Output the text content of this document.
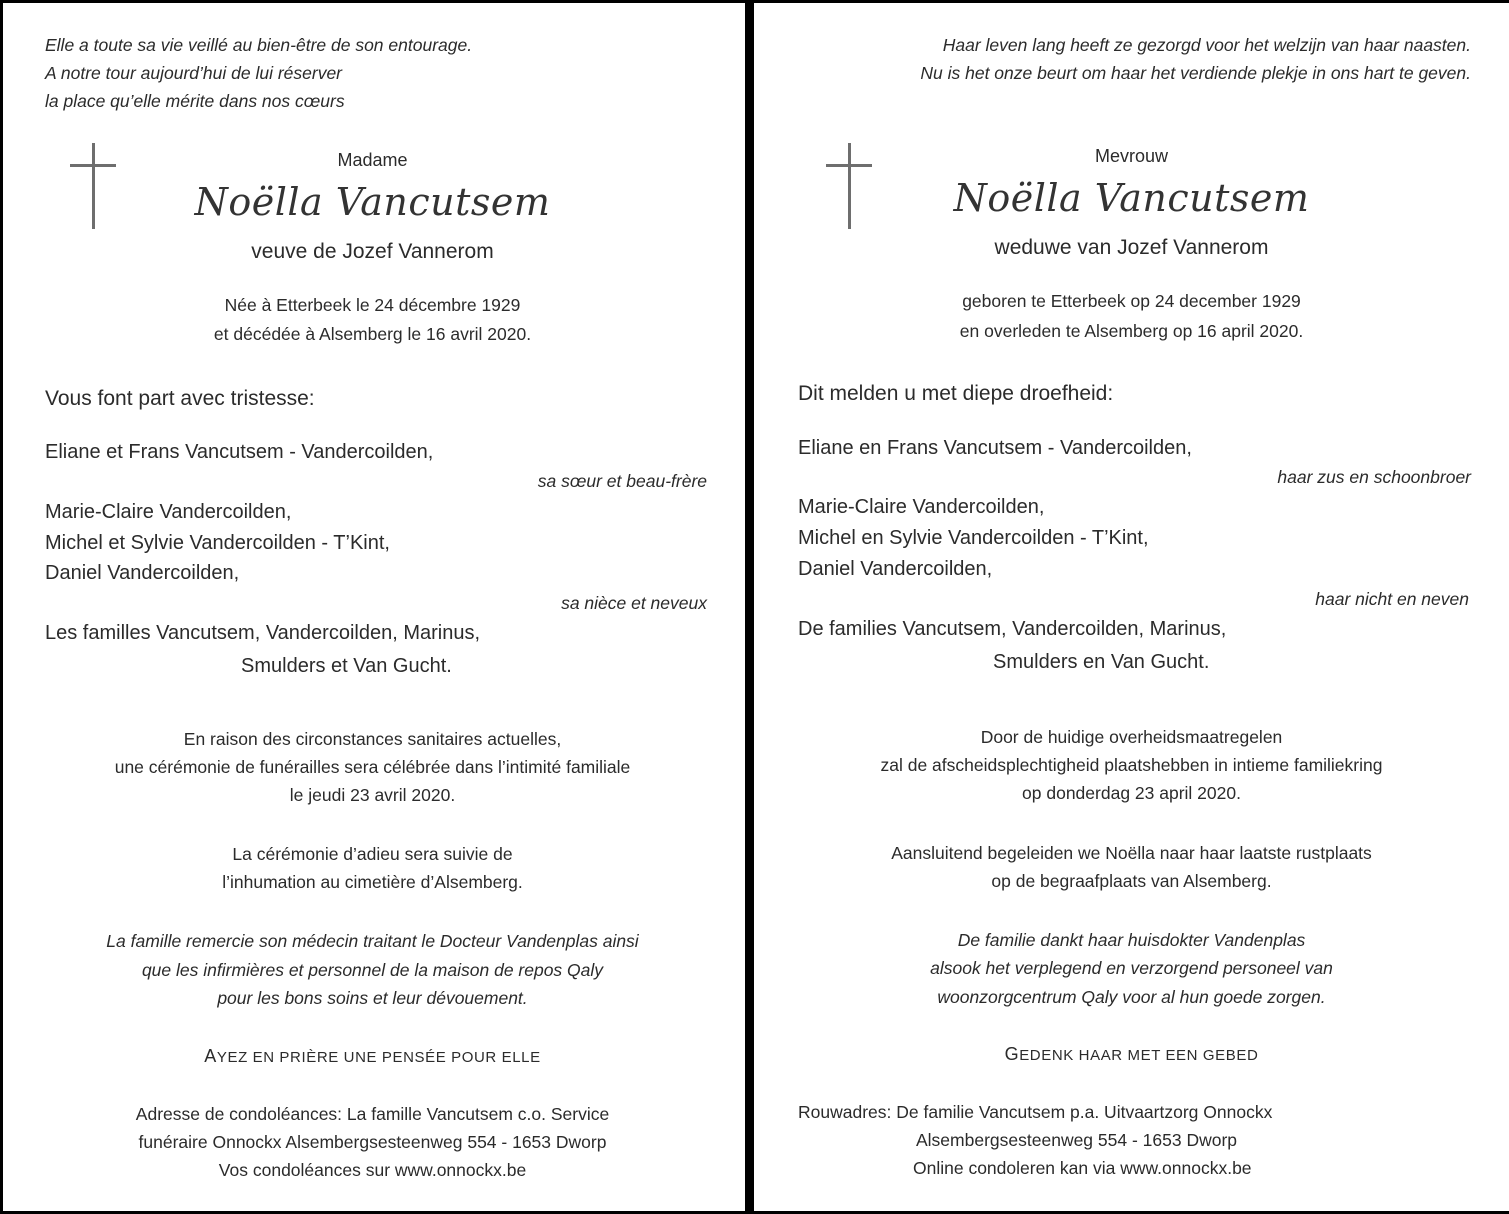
Elle a toute sa vie veillé au bien-être de son entourage.
A notre tour aujourd’hui de lui réserver
la place qu’elle mérite dans nos cœurs
Madame
Noëlla Vancutsem
veuve de Jozef Vannerom
Née à Etterbeek le 24 décembre 1929
et décédée à Alsemberg le 16 avril 2020.
Vous font part avec tristesse:
Eliane et Frans Vancutsem - Vandercoilden,
sa sœur et beau-frère
Marie-Claire Vandercoilden,
Michel et Sylvie Vandercoilden - T’Kint,
Daniel Vandercoilden,
sa nièce et neveux
Les familles Vancutsem, Vandercoilden, Marinus,
Smulders et Van Gucht.
En raison des circonstances sanitaires actuelles,
une cérémonie de funérailles sera célébrée dans l’intimité familiale
le jeudi 23 avril 2020.
La cérémonie d’adieu sera suivie de
l’inhumation au cimetière d’Alsemberg.
La famille remercie son médecin traitant le Docteur Vandenplas ainsi
que les infirmières et personnel de la maison de repos Qaly
pour les bons soins et leur dévouement.
AYEZ EN PRIÈRE UNE PENSÉE POUR ELLE
Adresse de condoléances: La famille Vancutsem c.o. Service
funéraire Onnockx Alsembergsesteenweg 554 - 1653 Dworp
Vos condoléances sur www.onnockx.be
Haar leven lang heeft ze gezorgd voor het welzijn van haar naasten.
Nu is het onze beurt om haar het verdiende plekje in ons hart te geven.
Mevrouw
Noëlla Vancutsem
weduwe van Jozef Vannerom
geboren te Etterbeek op 24 december 1929
en overleden te Alsemberg op 16 april 2020.
Dit melden u met diepe droefheid:
Eliane en Frans Vancutsem - Vandercoilden,
haar zus en schoonbroer
Marie-Claire Vandercoilden,
Michel en Sylvie Vandercoilden - T’Kint,
Daniel Vandercoilden,
haar nicht en neven
De families Vancutsem, Vandercoilden, Marinus,
Smulders en Van Gucht.
Door de huidige overheidsmaatregelen
zal de afscheidsplechtigheid plaatshebben in intieme familiekring
op donderdag 23 april 2020.
Aansluitend begeleiden we Noëlla naar haar laatste rustplaats
op de begraafplaats van Alsemberg.
De familie dankt haar huisdokter Vandenplas
alsook het verplegend en verzorgend personeel van
woonzorgcentrum Qaly voor al hun goede zorgen.
GEDENK HAAR MET EEN GEBED
Rouwadres: De familie Vancutsem p.a. Uitvaartzorg Onnockx
Alsembergsesteenweg 554 - 1653 Dworp
Online condoleren kan via www.onnockx.be
